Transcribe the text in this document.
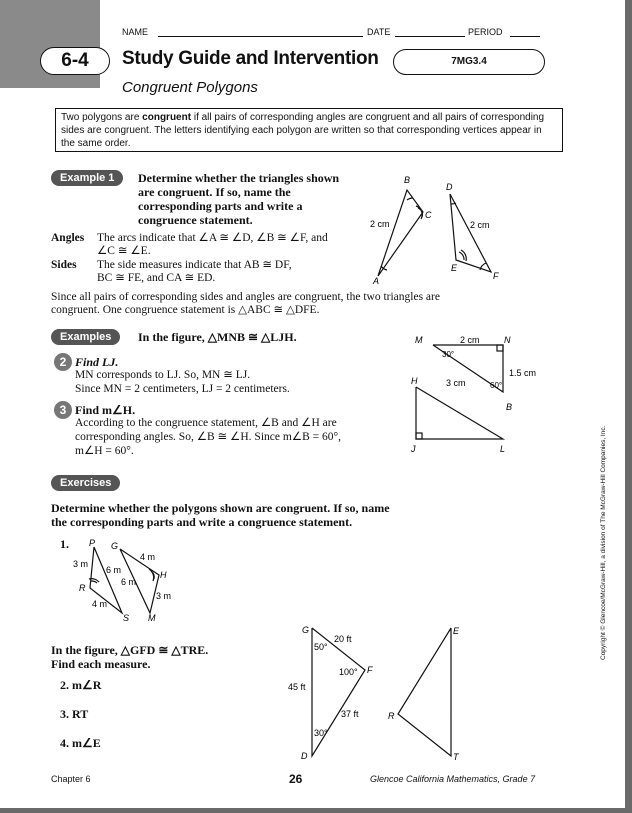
NAME	DATE	PERIOD
6-4	Study Guide and Intervention	7MG3.4
Congruent Polygons
Two polygons are congruent if all pairs of corresponding angles are congruent and all pairs of corresponding sides are congruent. The letters identifying each polygon are written so that corresponding vertices appear in the same order.
Example 1	Determine whether the triangles shown are congruent. If so, name the corresponding parts and write a congruence statement.
Angles The arcs indicate that ∠A ≅ ∠D, ∠B ≅ ∠F, and
∠C ≅ ∠E.
Sides The side measures indicate that AB ≅ DF,
BC ≅ FE, and CA ≅ ED.
Since all pairs of corresponding sides and angles are congruent, the two triangles are
congruent. One congruence statement is △ABC ≅ △DFE.
B
C
A
D
E
F
2 cm	2 cm
Examples	In the figure, △MNB ≅ △LJH.
2 Find LJ.
MN corresponds to LJ. So, MN ≅ LJ.
Since MN = 2 centimeters, LJ = 2 centimeters.
3 Find m∠H.
According to the congruence statement, ∠B and ∠H are
corresponding angles. So, ∠B ≅ ∠H. Since m∠B = 60°,
m∠H = 60°.
M	N
B
H
J	L
2 cm
1.5 cm
3 cm
30°
60°
Exercises
Determine whether the polygons shown are congruent. If so, name
the corresponding parts and write a congruence statement.
1. P G
R
S
H
M
3 m
6 m
4 m
4 m
6 m
3 m
In the figure, △GFD ≅ △TRE.
Find each measure.
2. m∠R
3. RT
4. m∠E
G
F
D
E
R
T
20 ft
45 ft
37 ft
50°
100°
30°
Copyright © Glencoe/McGraw-Hill, a division of The McGraw-Hill Companies, Inc.
Chapter 6	26	Glencoe California Mathematics, Grade 7
